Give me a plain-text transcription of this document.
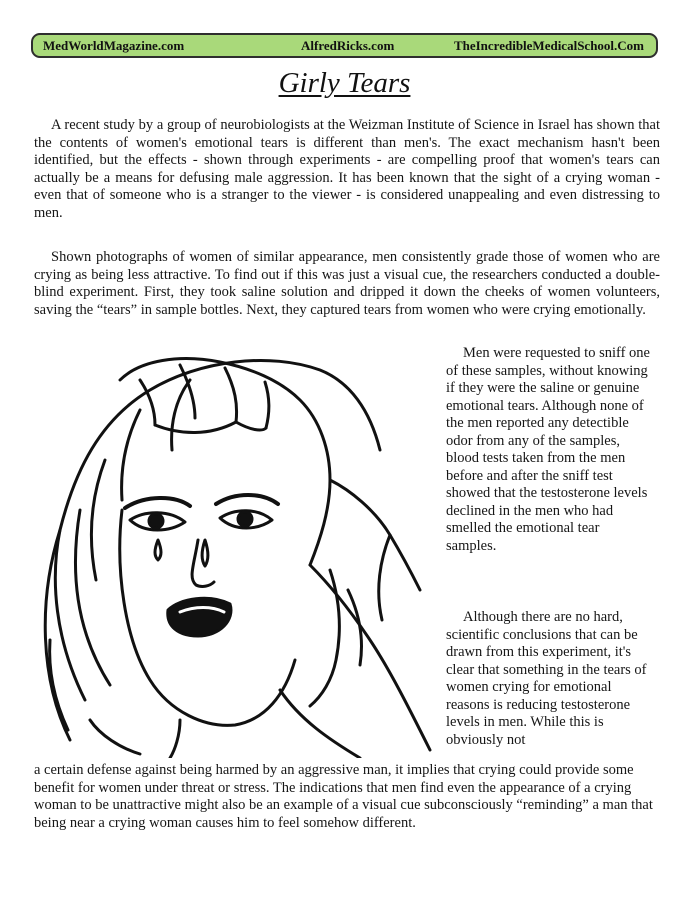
MedWorldMagazine.com	AlfredRicks.com	TheIncredibleMedicalSchool.Com
Girly Tears

A recent study by a group of neurobiologists at the Weizman Institute of Science in Israel has shown that the contents of women's emotional tears is different than men's. The exact mechanism hasn't been identified, but the effects - shown through experiments - are compelling proof that women's tears can actually be a means for defusing male aggression. It has been known that the sight of a crying woman - even that of someone who is a stranger to the viewer - is considered unappealing and even distressing to men.

Shown photographs of women of similar appearance, men consistently grade those of women who are crying as being less attractive. To find out if this was just a visual cue, the researchers conducted a double-blind experiment. First, they took saline solution and dripped it down the cheeks of women volunteers, saving the “tears” in sample bottles. Next, they captured tears from women who were crying emotionally.

Men were requested to sniff one of these samples, without knowing if they were the saline or genuine emotional tears. Although none of the men reported any detectible odor from any of the samples, blood tests taken from the men before and after the sniff test showed that the testosterone levels declined in the men who had smelled the emotional tear samples.

Although there are no hard, scientific conclusions that can be drawn from this experiment, it's clear that something in the tears of women crying for emotional reasons is reducing testosterone levels in men. While this is obviously not

a certain defense against being harmed by an aggressive man, it implies that crying could provide some benefit for women under threat or stress. The indications that men find even the appearance of a crying woman to be unattractive might also be an example of a visual cue subconsciously “reminding” a man that being near a crying woman causes him to feel somehow different.
